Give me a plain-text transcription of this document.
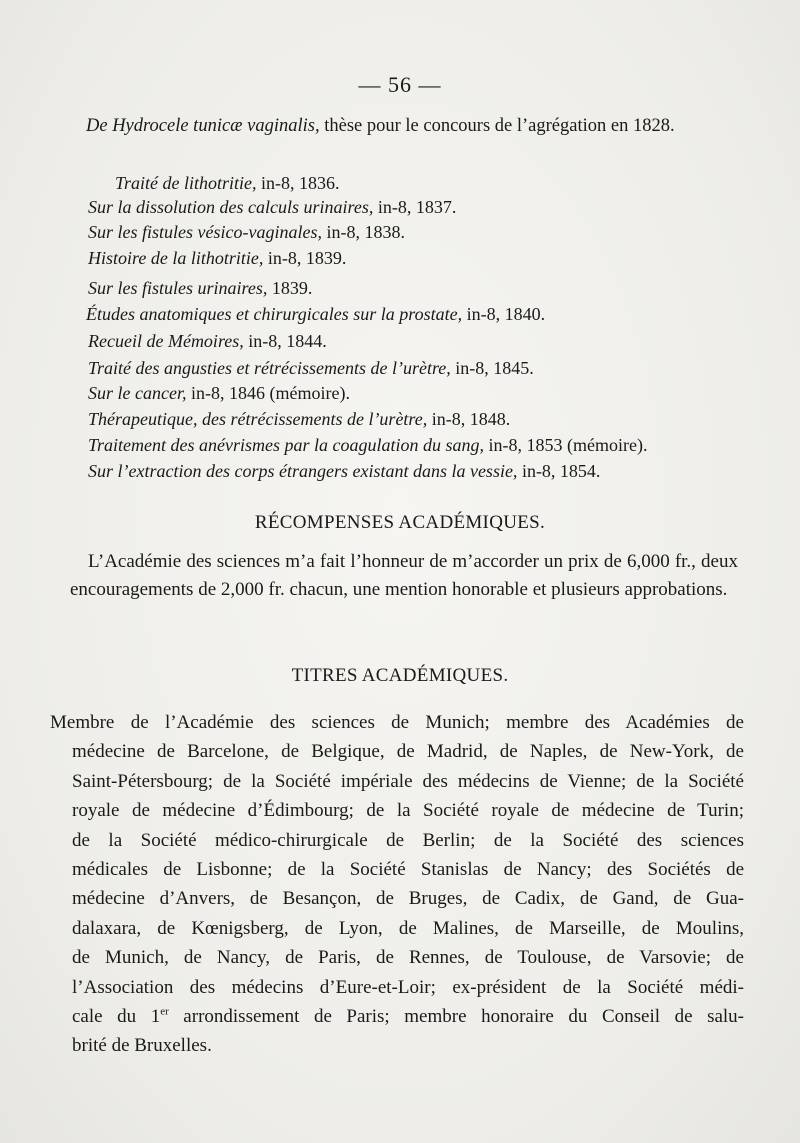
— 56 —
De Hydrocele tunicæ vaginalis, thèse pour le concours de l’agrégation en 1828.
Traité de lithotritie, in-8, 1836.
Sur la dissolution des calculs urinaires, in-8, 1837.
Sur les fistules vésico-vaginales, in-8, 1838.
Histoire de la lithotritie, in-8, 1839.
Sur les fistules urinaires, 1839.
Études anatomiques et chirurgicales sur la prostate, in-8, 1840.
Recueil de Mémoires, in-8, 1844.
Traité des angusties et rétrécissements de l’urètre, in-8, 1845.
Sur le cancer, in-8, 1846 (mémoire).
Thérapeutique, des rétrécissements de l’urètre, in-8, 1848.
Traitement des anévrismes par la coagulation du sang, in-8, 1853 (mémoire).
Sur l’extraction des corps étrangers existant dans la vessie, in-8, 1854.
RÉCOMPENSES ACADÉMIQUES.
L’Académie des sciences m’a fait l’honneur de m’accorder un prix de 6,000 fr., deux encouragements de 2,000 fr. chacun, une mention honorable et plusieurs approbations.
TITRES ACADÉMIQUES.
Membre de l’Académie des sciences de Munich; membre des Académies de
médecine de Barcelone, de Belgique, de Madrid, de Naples, de New-York, de
Saint-Pétersbourg; de la Société impériale des médecins de Vienne; de la Société
royale de médecine d’Édimbourg; de la Société royale de médecine de Turin;
de la Société médico-chirurgicale de Berlin; de la Société des sciences
médicales de Lisbonne; de la Société Stanislas de Nancy; des Sociétés de
médecine d’Anvers, de Besançon, de Bruges, de Cadix, de Gand, de Gua-
dalaxara, de Kœnigsberg, de Lyon, de Malines, de Marseille, de Moulins,
de Munich, de Nancy, de Paris, de Rennes, de Toulouse, de Varsovie; de
l’Association des médecins d’Eure-et-Loir; ex-président de la Société médi-
cale du 1er arrondissement de Paris; membre honoraire du Conseil de salu-
brité de Bruxelles.
